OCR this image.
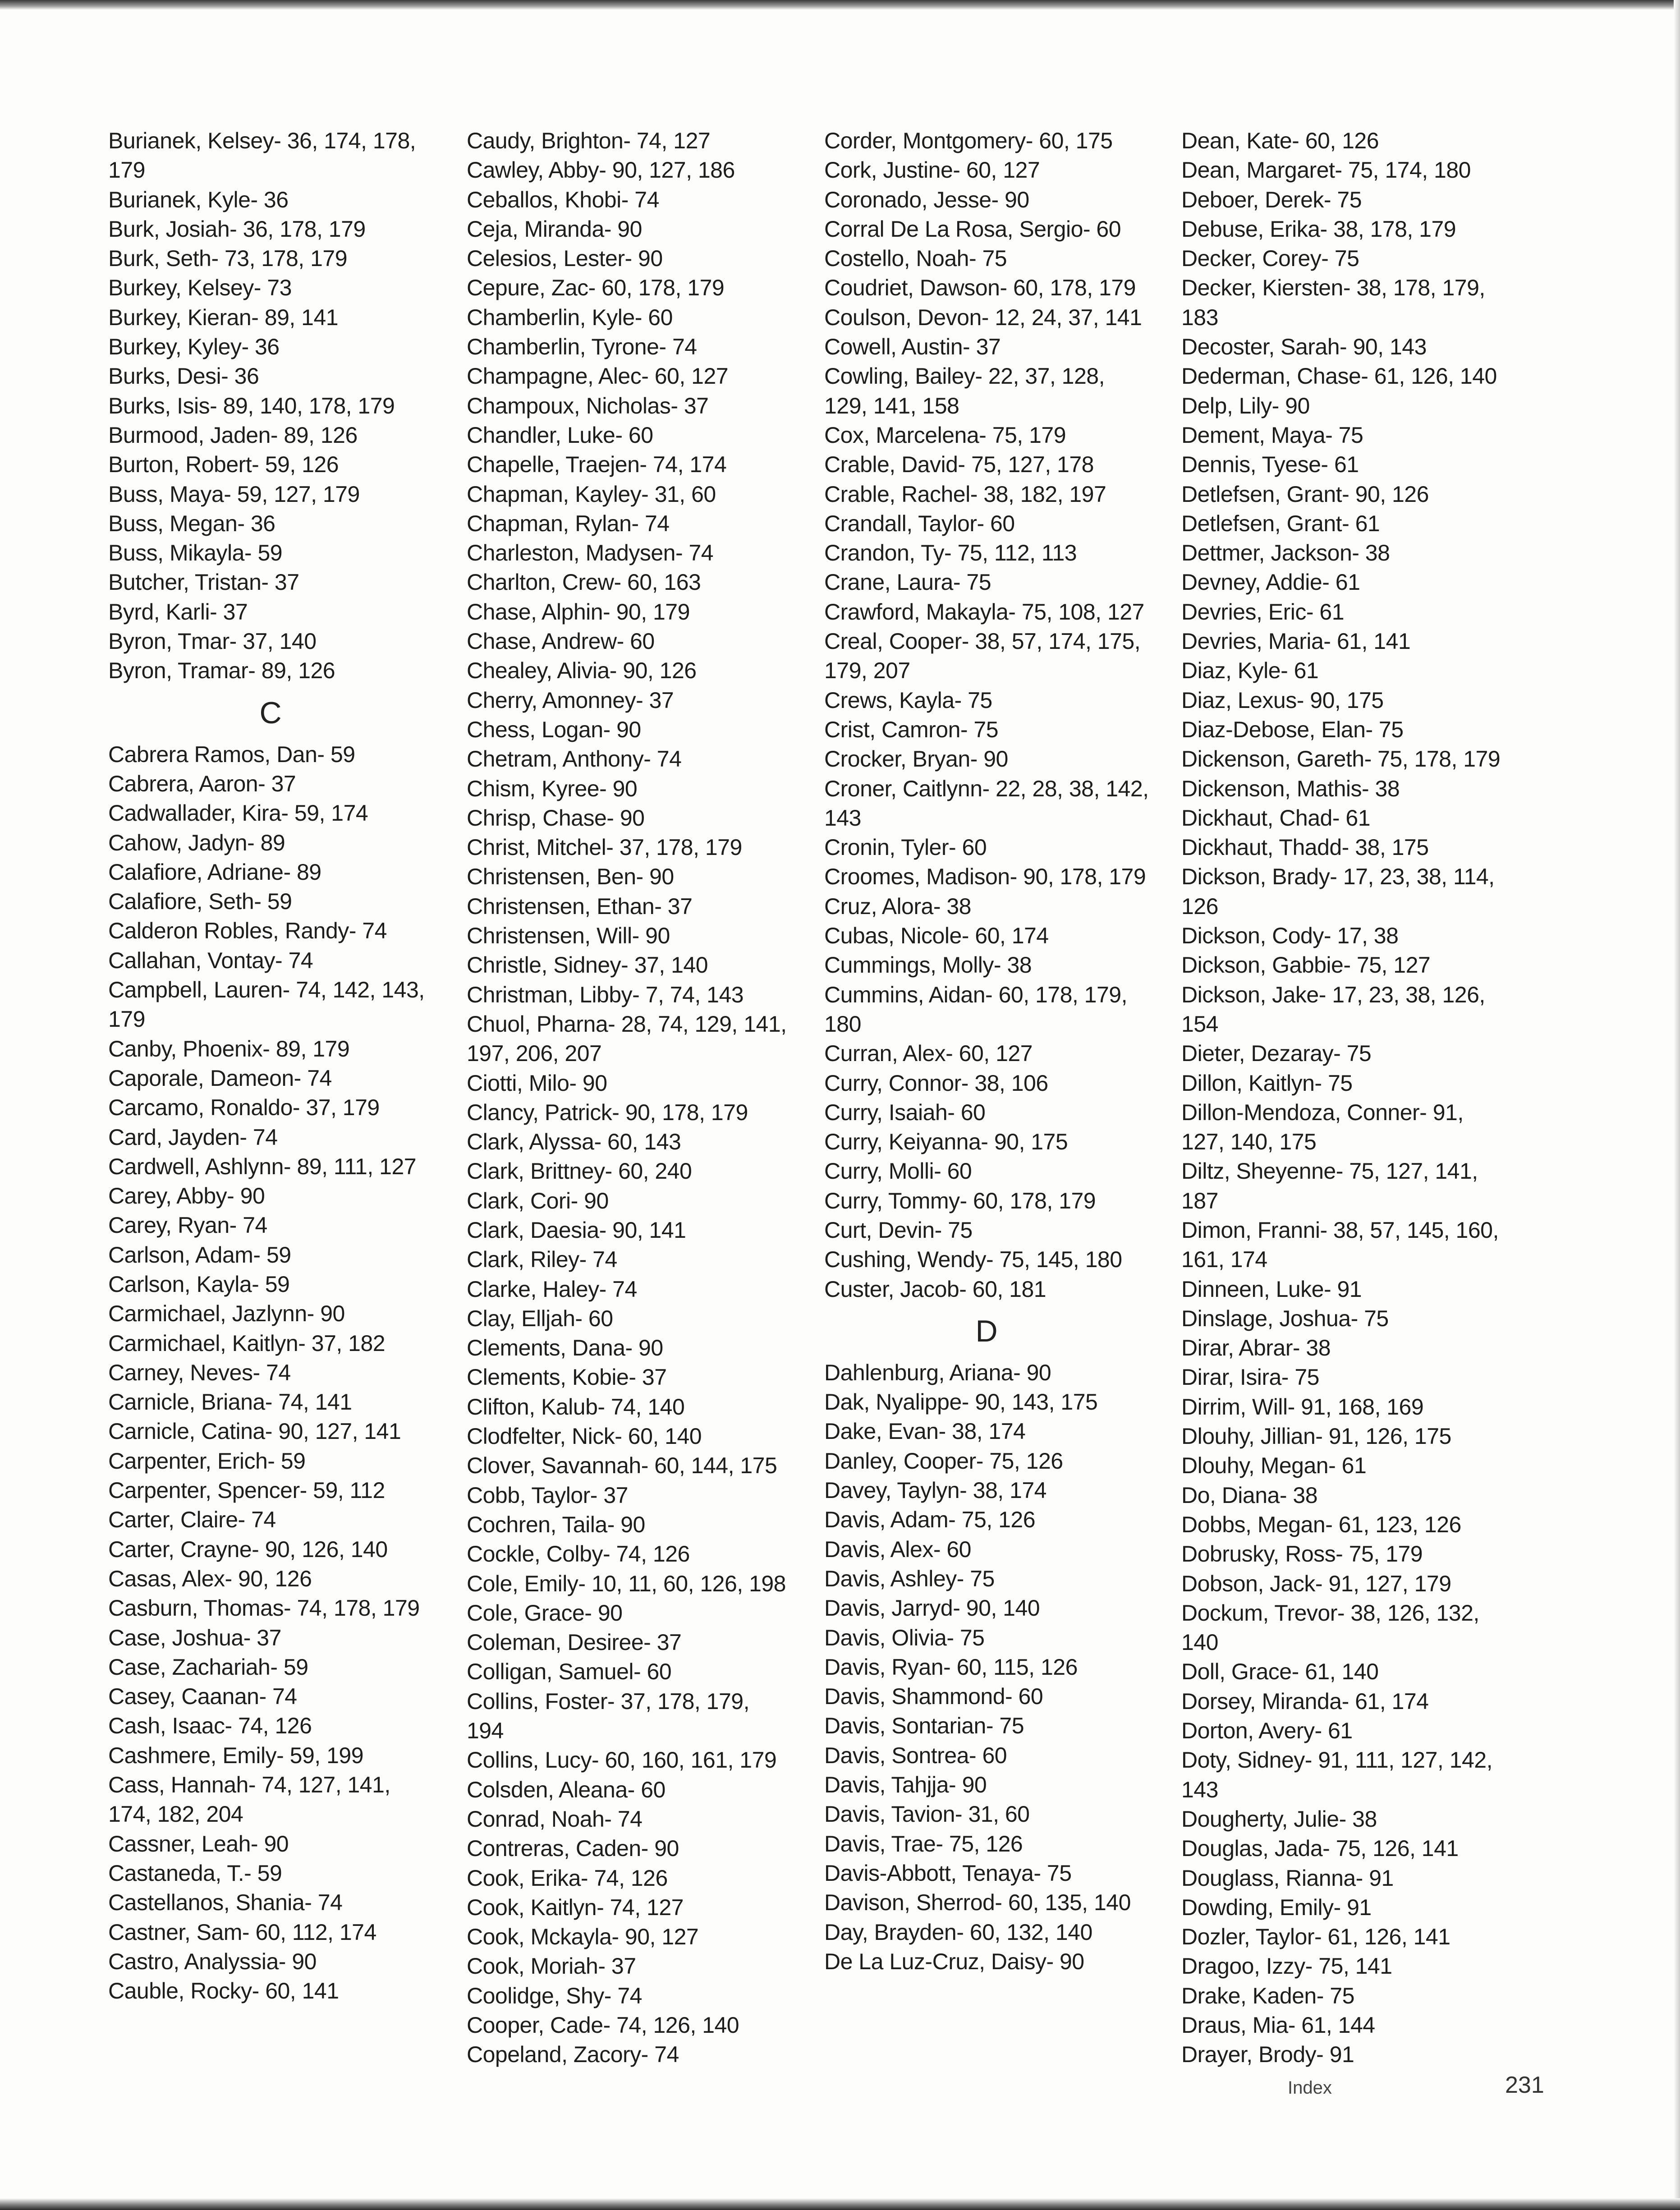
Burianek, Kelsey- 36, 174, 178, 179
Burianek, Kyle- 36
Burk, Josiah- 36, 178, 179
Burk, Seth- 73, 178, 179
Burkey, Kelsey- 73
Burkey, Kieran- 89, 141
Burkey, Kyley- 36
Burks, Desi- 36
Burks, Isis- 89, 140, 178, 179
Burmood, Jaden- 89, 126
Burton, Robert- 59, 126
Buss, Maya- 59, 127, 179
Buss, Megan- 36
Buss, Mikayla- 59
Butcher, Tristan- 37
Byrd, Karli- 37
Byron, Tmar- 37, 140
Byron, Tramar- 89, 126
C
Cabrera Ramos, Dan- 59
Cabrera, Aaron- 37
Cadwallader, Kira- 59, 174
Cahow, Jadyn- 89
Calafiore, Adriane- 89
Calafiore, Seth- 59
Calderon Robles, Randy- 74
Callahan, Vontay- 74
Campbell, Lauren- 74, 142, 143, 179
Canby, Phoenix- 89, 179
Caporale, Dameon- 74
Carcamo, Ronaldo- 37, 179
Card, Jayden- 74
Cardwell, Ashlynn- 89, 111, 127
Carey, Abby- 90
Carey, Ryan- 74
Carlson, Adam- 59
Carlson, Kayla- 59
Carmichael, Jazlynn- 90
Carmichael, Kaitlyn- 37, 182
Carney, Neves- 74
Carnicle, Briana- 74, 141
Carnicle, Catina- 90, 127, 141
Carpenter, Erich- 59
Carpenter, Spencer- 59, 112
Carter, Claire- 74
Carter, Crayne- 90, 126, 140
Casas, Alex- 90, 126
Casburn, Thomas- 74, 178, 179
Case, Joshua- 37
Case, Zachariah- 59
Casey, Caanan- 74
Cash, Isaac- 74, 126
Cashmere, Emily- 59, 199
Cass, Hannah- 74, 127, 141, 174, 182, 204
Cassner, Leah- 90
Castaneda, T.- 59
Castellanos, Shania- 74
Castner, Sam- 60, 112, 174
Castro, Analyssia- 90
Cauble, Rocky- 60, 141
Caudy, Brighton- 74, 127
Cawley, Abby- 90, 127, 186
Ceballos, Khobi- 74
Ceja, Miranda- 90
Celesios, Lester- 90
Cepure, Zac- 60, 178, 179
Chamberlin, Kyle- 60
Chamberlin, Tyrone- 74
Champagne, Alec- 60, 127
Champoux, Nicholas- 37
Chandler, Luke- 60
Chapelle, Traejen- 74, 174
Chapman, Kayley- 31, 60
Chapman, Rylan- 74
Charleston, Madysen- 74
Charlton, Crew- 60, 163
Chase, Alphin- 90, 179
Chase, Andrew- 60
Chealey, Alivia- 90, 126
Cherry, Amonney- 37
Chess, Logan- 90
Chetram, Anthony- 74
Chism, Kyree- 90
Chrisp, Chase- 90
Christ, Mitchel- 37, 178, 179
Christensen, Ben- 90
Christensen, Ethan- 37
Christensen, Will- 90
Christle, Sidney- 37, 140
Christman, Libby- 7, 74, 143
Chuol, Pharna- 28, 74, 129, 141, 197, 206, 207
Ciotti, Milo- 90
Clancy, Patrick- 90, 178, 179
Clark, Alyssa- 60, 143
Clark, Brittney- 60, 240
Clark, Cori- 90
Clark, Daesia- 90, 141
Clark, Riley- 74
Clarke, Haley- 74
Clay, Elljah- 60
Clements, Dana- 90
Clements, Kobie- 37
Clifton, Kalub- 74, 140
Clodfelter, Nick- 60, 140
Clover, Savannah- 60, 144, 175
Cobb, Taylor- 37
Cochren, Taila- 90
Cockle, Colby- 74, 126
Cole, Emily- 10, 11, 60, 126, 198
Cole, Grace- 90
Coleman, Desiree- 37
Colligan, Samuel- 60
Collins, Foster- 37, 178, 179, 194
Collins, Lucy- 60, 160, 161, 179
Colsden, Aleana- 60
Conrad, Noah- 74
Contreras, Caden- 90
Cook, Erika- 74, 126
Cook, Kaitlyn- 74, 127
Cook, Mckayla- 90, 127
Cook, Moriah- 37
Coolidge, Shy- 74
Cooper, Cade- 74, 126, 140
Copeland, Zacory- 74
Corder, Montgomery- 60, 175
Cork, Justine- 60, 127
Coronado, Jesse- 90
Corral De La Rosa, Sergio- 60
Costello, Noah- 75
Coudriet, Dawson- 60, 178, 179
Coulson, Devon- 12, 24, 37, 141
Cowell, Austin- 37
Cowling, Bailey- 22, 37, 128, 129, 141, 158
Cox, Marcelena- 75, 179
Crable, David- 75, 127, 178
Crable, Rachel- 38, 182, 197
Crandall, Taylor- 60
Crandon, Ty- 75, 112, 113
Crane, Laura- 75
Crawford, Makayla- 75, 108, 127
Creal, Cooper- 38, 57, 174, 175, 179, 207
Crews, Kayla- 75
Crist, Camron- 75
Crocker, Bryan- 90
Croner, Caitlynn- 22, 28, 38, 142, 143
Cronin, Tyler- 60
Croomes, Madison- 90, 178, 179
Cruz, Alora- 38
Cubas, Nicole- 60, 174
Cummings, Molly- 38
Cummins, Aidan- 60, 178, 179, 180
Curran, Alex- 60, 127
Curry, Connor- 38, 106
Curry, Isaiah- 60
Curry, Keiyanna- 90, 175
Curry, Molli- 60
Curry, Tommy- 60, 178, 179
Curt, Devin- 75
Cushing, Wendy- 75, 145, 180
Custer, Jacob- 60, 181
D
Dahlenburg, Ariana- 90
Dak, Nyalippe- 90, 143, 175
Dake, Evan- 38, 174
Danley, Cooper- 75, 126
Davey, Taylyn- 38, 174
Davis, Adam- 75, 126
Davis, Alex- 60
Davis, Ashley- 75
Davis, Jarryd- 90, 140
Davis, Olivia- 75
Davis, Ryan- 60, 115, 126
Davis, Shammond- 60
Davis, Sontarian- 75
Davis, Sontrea- 60
Davis, Tahjja- 90
Davis, Tavion- 31, 60
Davis, Trae- 75, 126
Davis-Abbott, Tenaya- 75
Davison, Sherrod- 60, 135, 140
Day, Brayden- 60, 132, 140
De La Luz-Cruz, Daisy- 90
Dean, Kate- 60, 126
Dean, Margaret- 75, 174, 180
Deboer, Derek- 75
Debuse, Erika- 38, 178, 179
Decker, Corey- 75
Decker, Kiersten- 38, 178, 179, 183
Decoster, Sarah- 90, 143
Dederman, Chase- 61, 126, 140
Delp, Lily- 90
Dement, Maya- 75
Dennis, Tyese- 61
Detlefsen, Grant- 90, 126
Detlefsen, Grant- 61
Dettmer, Jackson- 38
Devney, Addie- 61
Devries, Eric- 61
Devries, Maria- 61, 141
Diaz, Kyle- 61
Diaz, Lexus- 90, 175
Diaz-Debose, Elan- 75
Dickenson, Gareth- 75, 178, 179
Dickenson, Mathis- 38
Dickhaut, Chad- 61
Dickhaut, Thadd- 38, 175
Dickson, Brady- 17, 23, 38, 114, 126
Dickson, Cody- 17, 38
Dickson, Gabbie- 75, 127
Dickson, Jake- 17, 23, 38, 126, 154
Dieter, Dezaray- 75
Dillon, Kaitlyn- 75
Dillon-Mendoza, Conner- 91, 127, 140, 175
Diltz, Sheyenne- 75, 127, 141, 187
Dimon, Franni- 38, 57, 145, 160, 161, 174
Dinneen, Luke- 91
Dinslage, Joshua- 75
Dirar, Abrar- 38
Dirar, Isira- 75
Dirrim, Will- 91, 168, 169
Dlouhy, Jillian- 91, 126, 175
Dlouhy, Megan- 61
Do, Diana- 38
Dobbs, Megan- 61, 123, 126
Dobrusky, Ross- 75, 179
Dobson, Jack- 91, 127, 179
Dockum, Trevor- 38, 126, 132, 140
Doll, Grace- 61, 140
Dorsey, Miranda- 61, 174
Dorton, Avery- 61
Doty, Sidney- 91, 111, 127, 142, 143
Dougherty, Julie- 38
Douglas, Jada- 75, 126, 141
Douglass, Rianna- 91
Dowding, Emily- 91
Dozler, Taylor- 61, 126, 141
Dragoo, Izzy- 75, 141
Drake, Kaden- 75
Draus, Mia- 61, 144
Drayer, Brody- 91
Index	231
